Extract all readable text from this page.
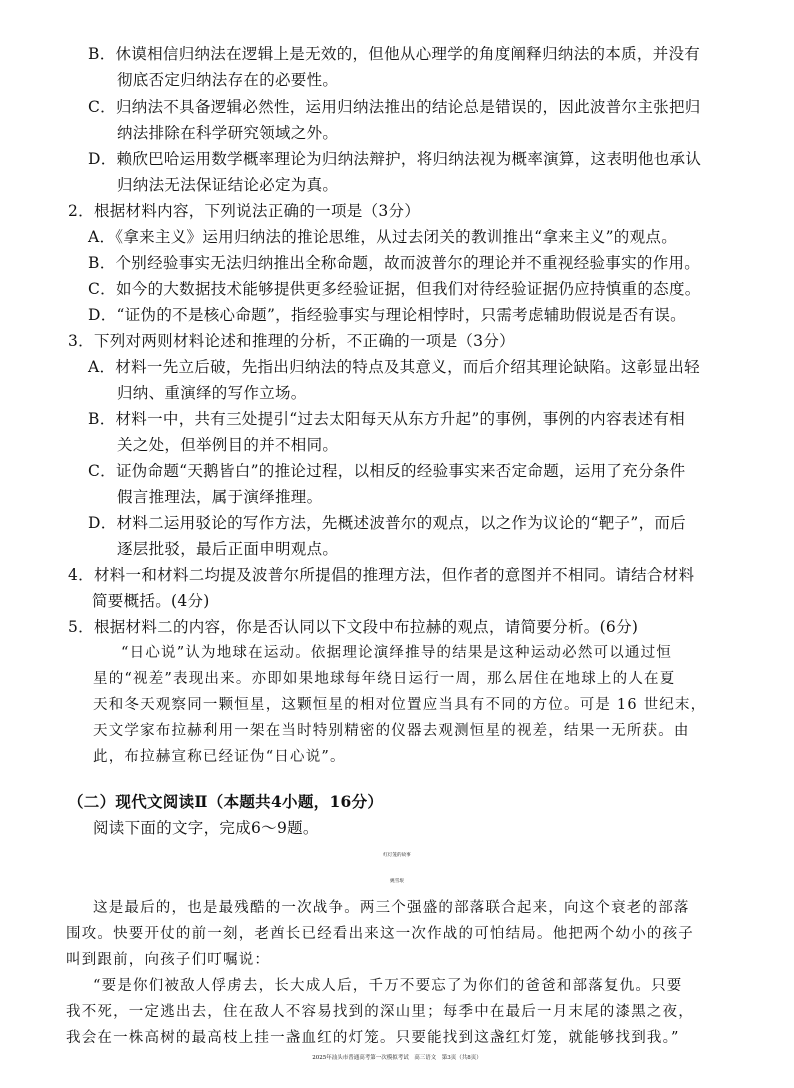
B．休谟相信归纳法在逻辑上是无效的，但他从心理学的角度阐释归纳法的本质，并没有
彻底否定归纳法存在的必要性。
C．归纳法不具备逻辑必然性，运用归纳法推出的结论总是错误的，因此波普尔主张把归
纳法排除在科学研究领域之外。
D．赖欣巴哈运用数学概率理论为归纳法辩护，将归纳法视为概率演算，这表明他也承认
归纳法无法保证结论必定为真。
2．根据材料内容，下列说法正确的一项是（3分）
A．《拿来主义》运用归纳法的推论思维，从过去闭关的教训推出“拿来主义”的观点。
B．个别经验事实无法归纳推出全称命题，故而波普尔的理论并不重视经验事实的作用。
C．如今的大数据技术能够提供更多经验证据，但我们对待经验证据仍应持慎重的态度。
D．“证伪的不是核心命题”，指经验事实与理论相悖时，只需考虑辅助假说是否有误。
3．下列对两则材料论述和推理的分析，不正确的一项是（3分）
A．材料一先立后破，先指出归纳法的特点及其意义，而后介绍其理论缺陷。这彰显出轻
归纳、重演绎的写作立场。
B．材料一中，共有三处提引“过去太阳每天从东方升起”的事例，事例的内容表述有相
关之处，但举例目的并不相同。
C．证伪命题“天鹅皆白”的推论过程，以相反的经验事实来否定命题，运用了充分条件
假言推理法，属于演绎推理。
D．材料二运用驳论的写作方法，先概述波普尔的观点，以之作为议论的“靶子”，而后
逐层批驳，最后正面申明观点。
4．材料一和材料二均提及波普尔所提倡的推理方法，但作者的意图并不相同。请结合材料
简要概括。(4分)
5．根据材料二的内容，你是否认同以下文段中布拉赫的观点，请简要分析。(6分)
“日心说”认为地球在运动。依据理论演绎推导的结果是这种运动必然可以通过恒
星的“视差”表现出来。亦即如果地球每年绕日运行一周，那么居住在地球上的人在夏
天和冬天观察同一颗恒星，这颗恒星的相对位置应当具有不同的方位。可是 16 世纪末，
天文学家布拉赫利用一架在当时特别精密的仪器去观测恒星的视差，结果一无所获。由
此，布拉赫宣称已经证伪“日心说”。
（二）现代文阅读Ⅱ（本题共4小题，16分）
阅读下面的文字，完成6～9题。
红灯笼的故事
姚雪垠
这是最后的，也是最残酷的一次战争。两三个强盛的部落联合起来，向这个衰老的部落
围攻。快要开仗的前一刻，老酋长已经看出来这一次作战的可怕结局。他把两个幼小的孩子
叫到跟前，向孩子们叮嘱说：
“要是你们被敌人俘虏去，长大成人后，千万不要忘了为你们的爸爸和部落复仇。只要
我不死，一定逃出去，住在敌人不容易找到的深山里；每季中在最后一月末尾的漆黑之夜，
我会在一株高树的最高枝上挂一盏血红的灯笼。只要能找到这盏红灯笼，就能够找到我。”
2025年汕头市普通高考第一次模拟考试　高三语文　第3页（共8页）
